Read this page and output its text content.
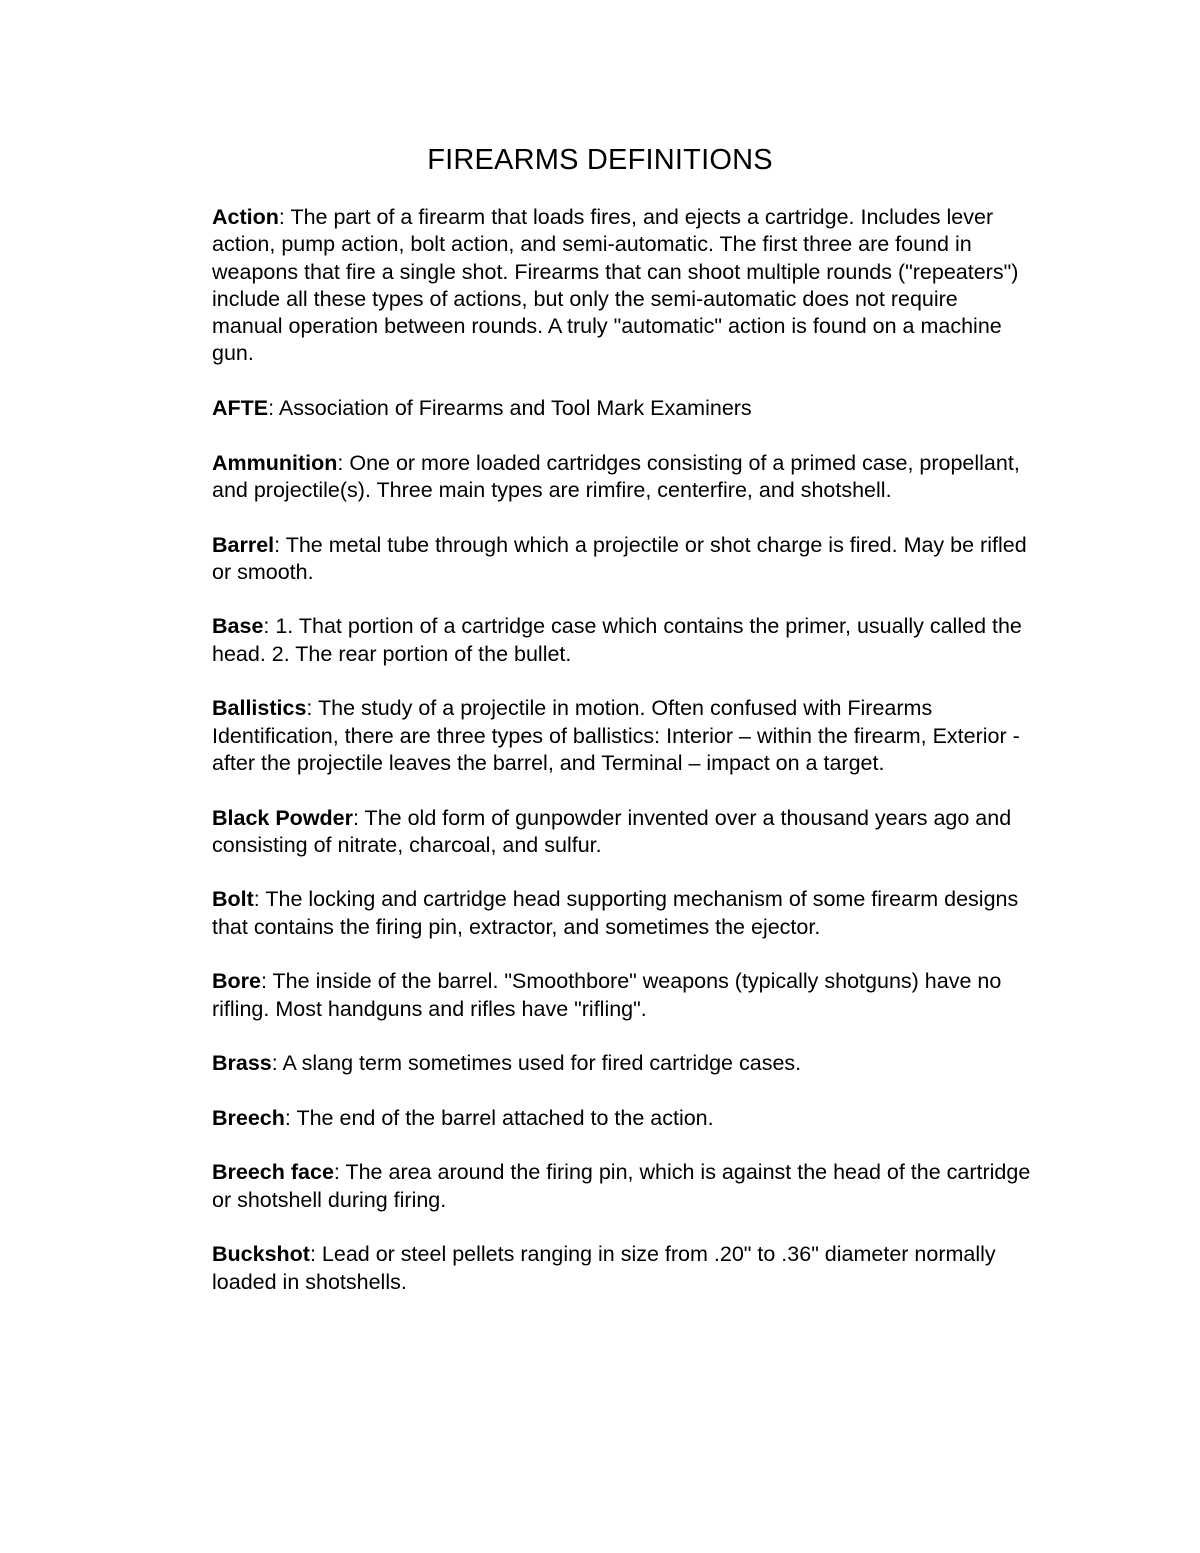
FIREARMS DEFINITIONS

Action: The part of a firearm that loads fires, and ejects a cartridge. Includes lever action, pump action, bolt action, and semi-automatic. The first three are found in weapons that fire a single shot. Firearms that can shoot multiple rounds ("repeaters") include all these types of actions, but only the semi-automatic does not require manual operation between rounds. A truly "automatic" action is found on a machine gun.

AFTE: Association of Firearms and Tool Mark Examiners

Ammunition: One or more loaded cartridges consisting of a primed case, propellant, and projectile(s). Three main types are rimfire, centerfire, and shotshell.

Barrel: The metal tube through which a projectile or shot charge is fired. May be rifled or smooth.

Base: 1. That portion of a cartridge case which contains the primer, usually called the head. 2. The rear portion of the bullet.

Ballistics: The study of a projectile in motion. Often confused with Firearms Identification, there are three types of ballistics: Interior – within the firearm, Exterior - after the projectile leaves the barrel, and Terminal – impact on a target.

Black Powder: The old form of gunpowder invented over a thousand years ago and consisting of nitrate, charcoal, and sulfur.

Bolt: The locking and cartridge head supporting mechanism of some firearm designs that contains the firing pin, extractor, and sometimes the ejector.

Bore: The inside of the barrel. "Smoothbore" weapons (typically shotguns) have no rifling. Most handguns and rifles have "rifling".

Brass: A slang term sometimes used for fired cartridge cases.

Breech: The end of the barrel attached to the action.

Breech face: The area around the firing pin, which is against the head of the cartridge or shotshell during firing.

Buckshot: Lead or steel pellets ranging in size from .20" to .36" diameter normally loaded in shotshells.
